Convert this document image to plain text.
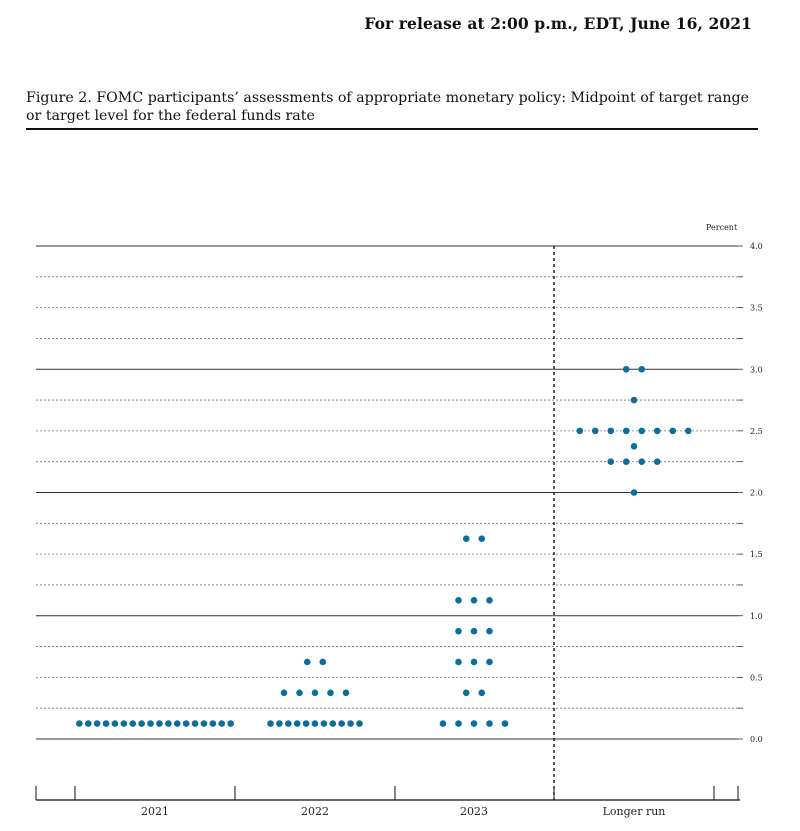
For release at 2:00 p.m., EDT, June 16, 2021
Figure 2. FOMC participants’ assessments of appropriate monetary policy: Midpoint of target range or target level for the federal funds rate
Percent
0.0
0.5
1.0
1.5
2.0
2.5
3.0
3.5
4.0
2021	2022	2023	Longer run
